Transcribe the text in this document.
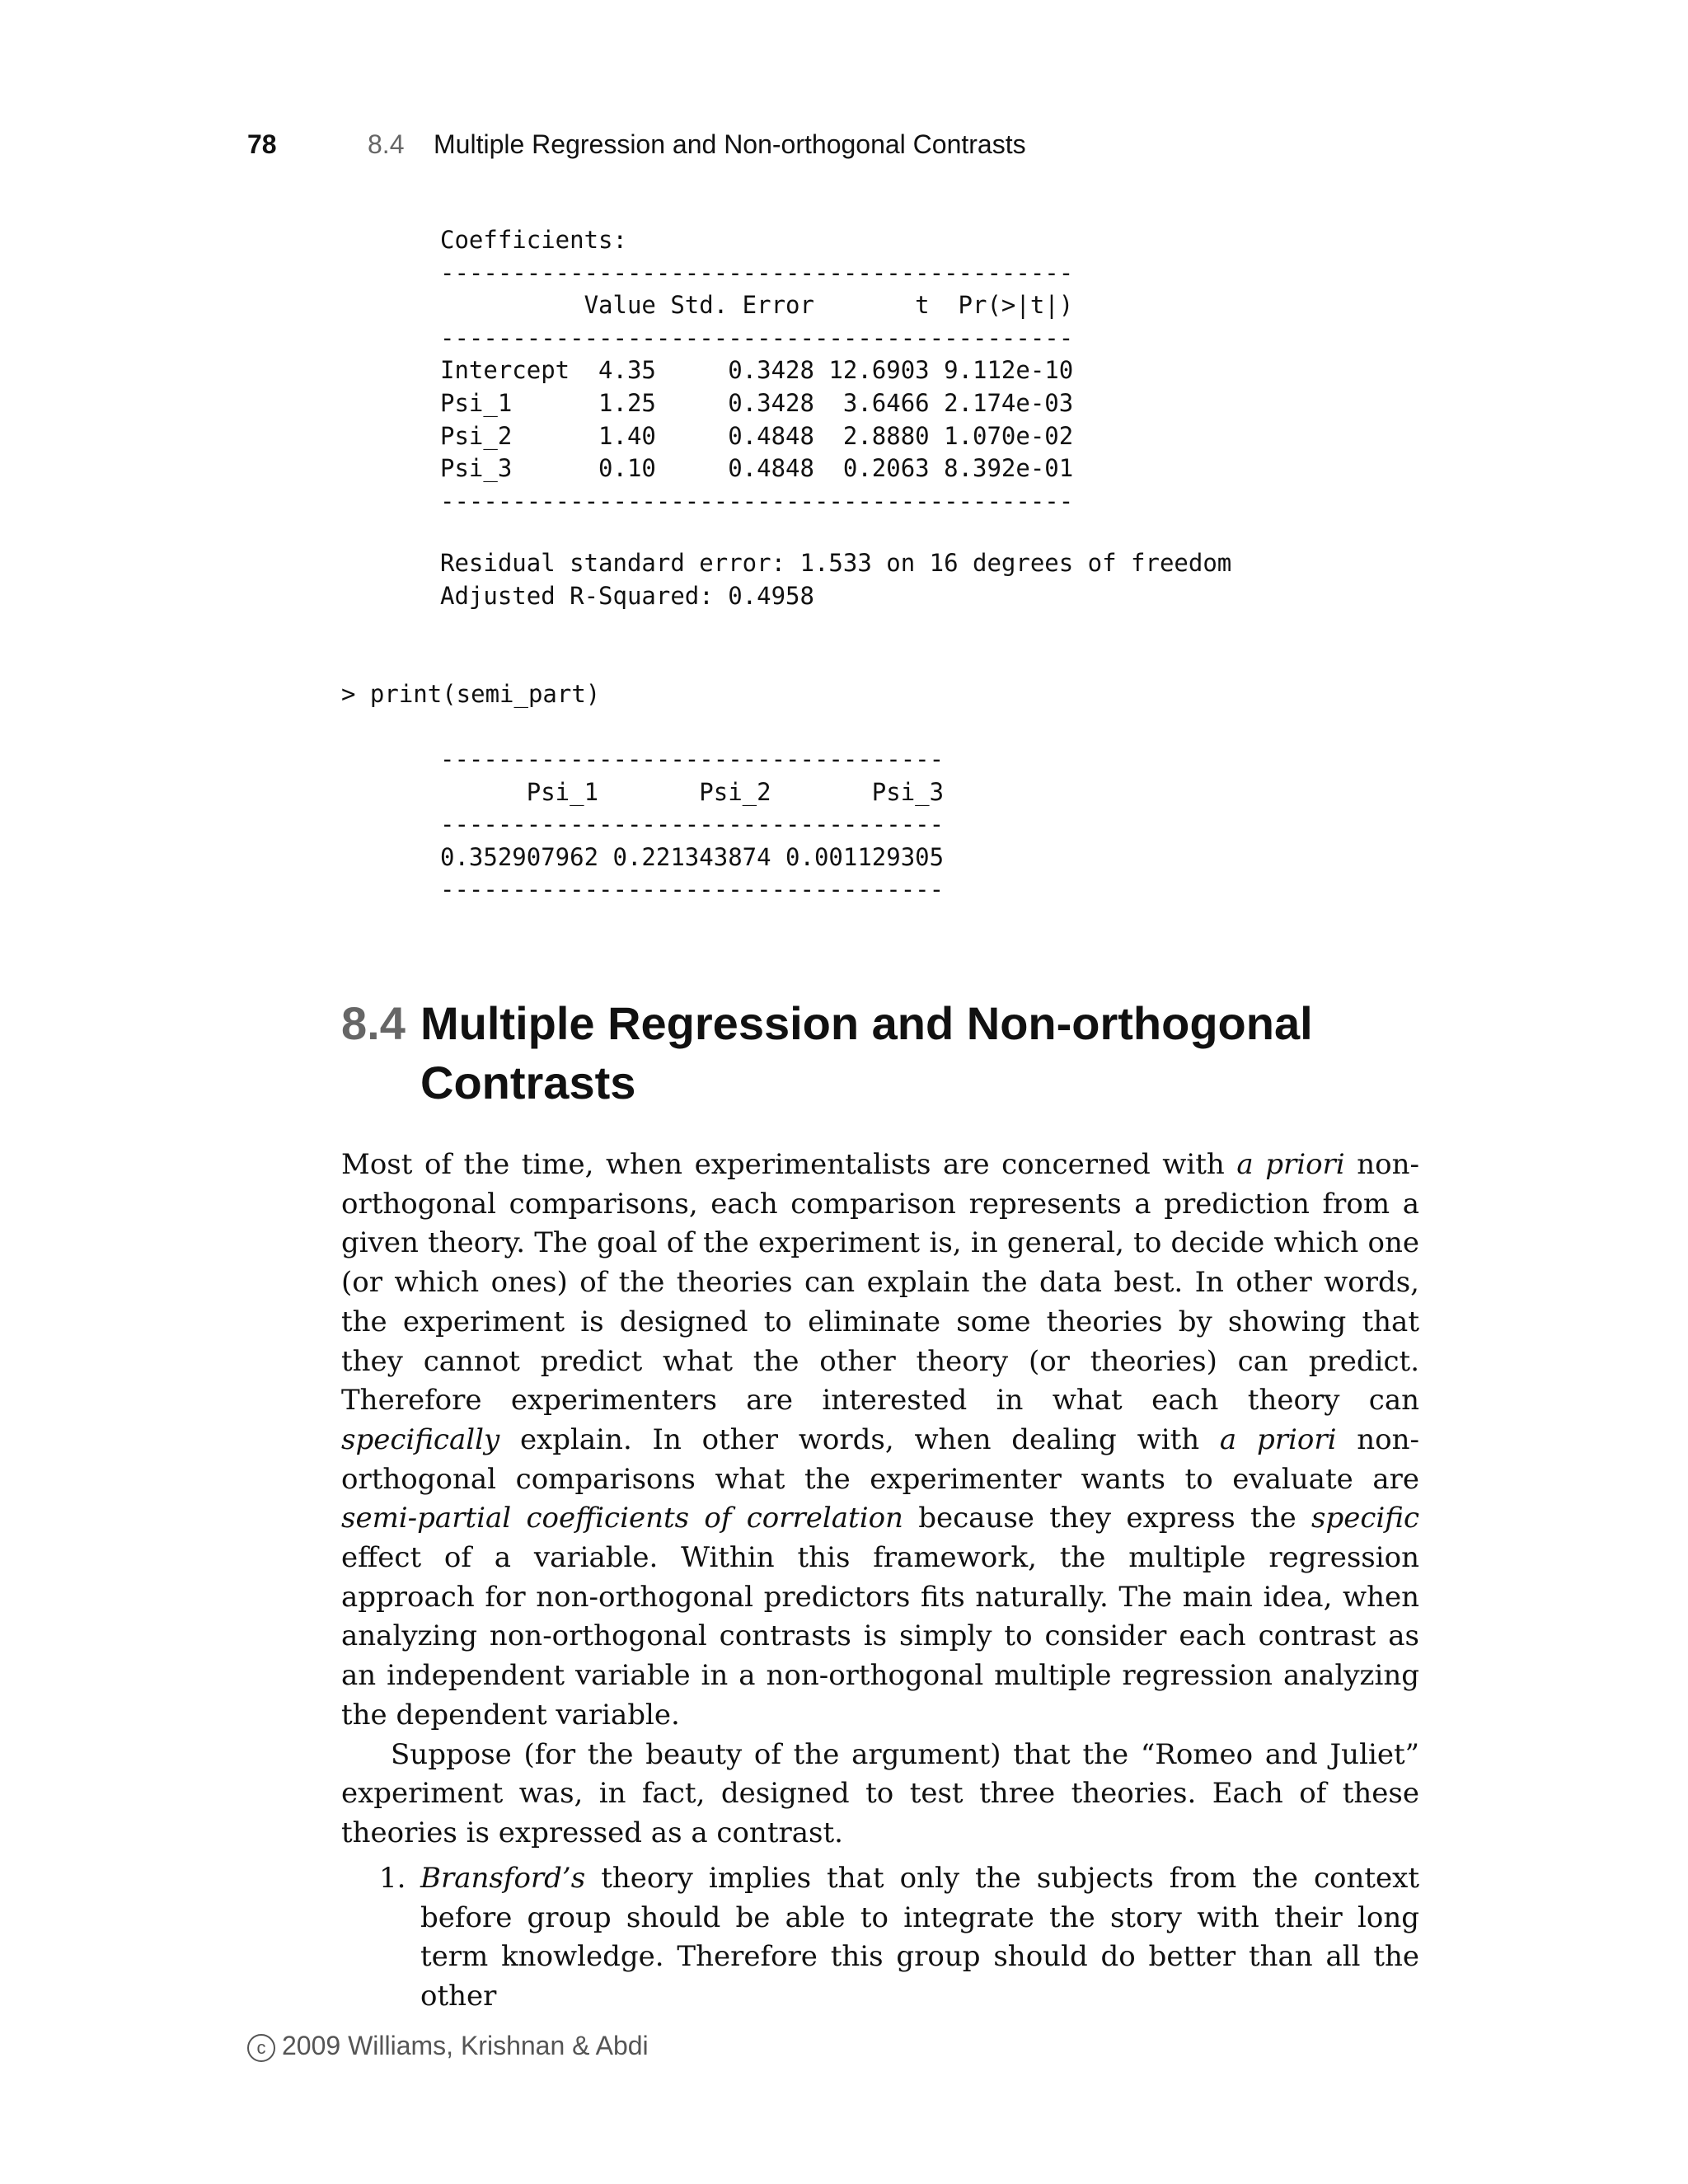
78	8.4 Multiple Regression and Non-orthogonal Contrasts
Coefficients:
--------------------------------------------
Value Std. Error       t  Pr(>|t|)
--------------------------------------------
Intercept  4.35     0.3428 12.6903 9.112e-10
Psi_1      1.25     0.3428  3.6466 2.174e-03
Psi_2      1.40     0.4848  2.8880 1.070e-02
Psi_3      0.10     0.4848  0.2063 8.392e-01
--------------------------------------------
Residual standard error: 1.533 on 16 degrees of freedom
Adjusted R-Squared: 0.4958
> print(semi_part)
-----------------------------------
Psi_1       Psi_2       Psi_3
-----------------------------------
0.352907962 0.221343874 0.001129305
-----------------------------------
8.4 Multiple Regression and Non-orthogonal Contrasts

Most of the time, when experimentalists are concerned with a priori non-orthogonal comparisons, each comparison represents a prediction from a given theory. The goal of the experiment is, in general, to decide which one (or which ones) of the theories can explain the data best. In other words, the experiment is designed to eliminate some theories by showing that they cannot predict what the other theory (or theories) can predict. Therefore experimenters are interested in what each theory can specifically explain. In other words, when dealing with a priori non-orthogonal comparisons what the experimenter wants to evaluate are semi-partial coefficients of correlation because they express the specific effect of a variable. Within this framework, the multiple regression approach for non-orthogonal predictors fits naturally. The main idea, when analyzing non-orthogonal contrasts is simply to consider each contrast as an independent variable in a non-orthogonal multiple regression analyzing the dependent variable.

Suppose (for the beauty of the argument) that the “Romeo and Juliet” experiment was, in fact, designed to test three theories. Each of these theories is expressed as a contrast.

1. Bransford’s theory implies that only the subjects from the context before group should be able to integrate the story with their long term knowledge. Therefore this group should do better than all the other
c 2009 Williams, Krishnan & Abdi
